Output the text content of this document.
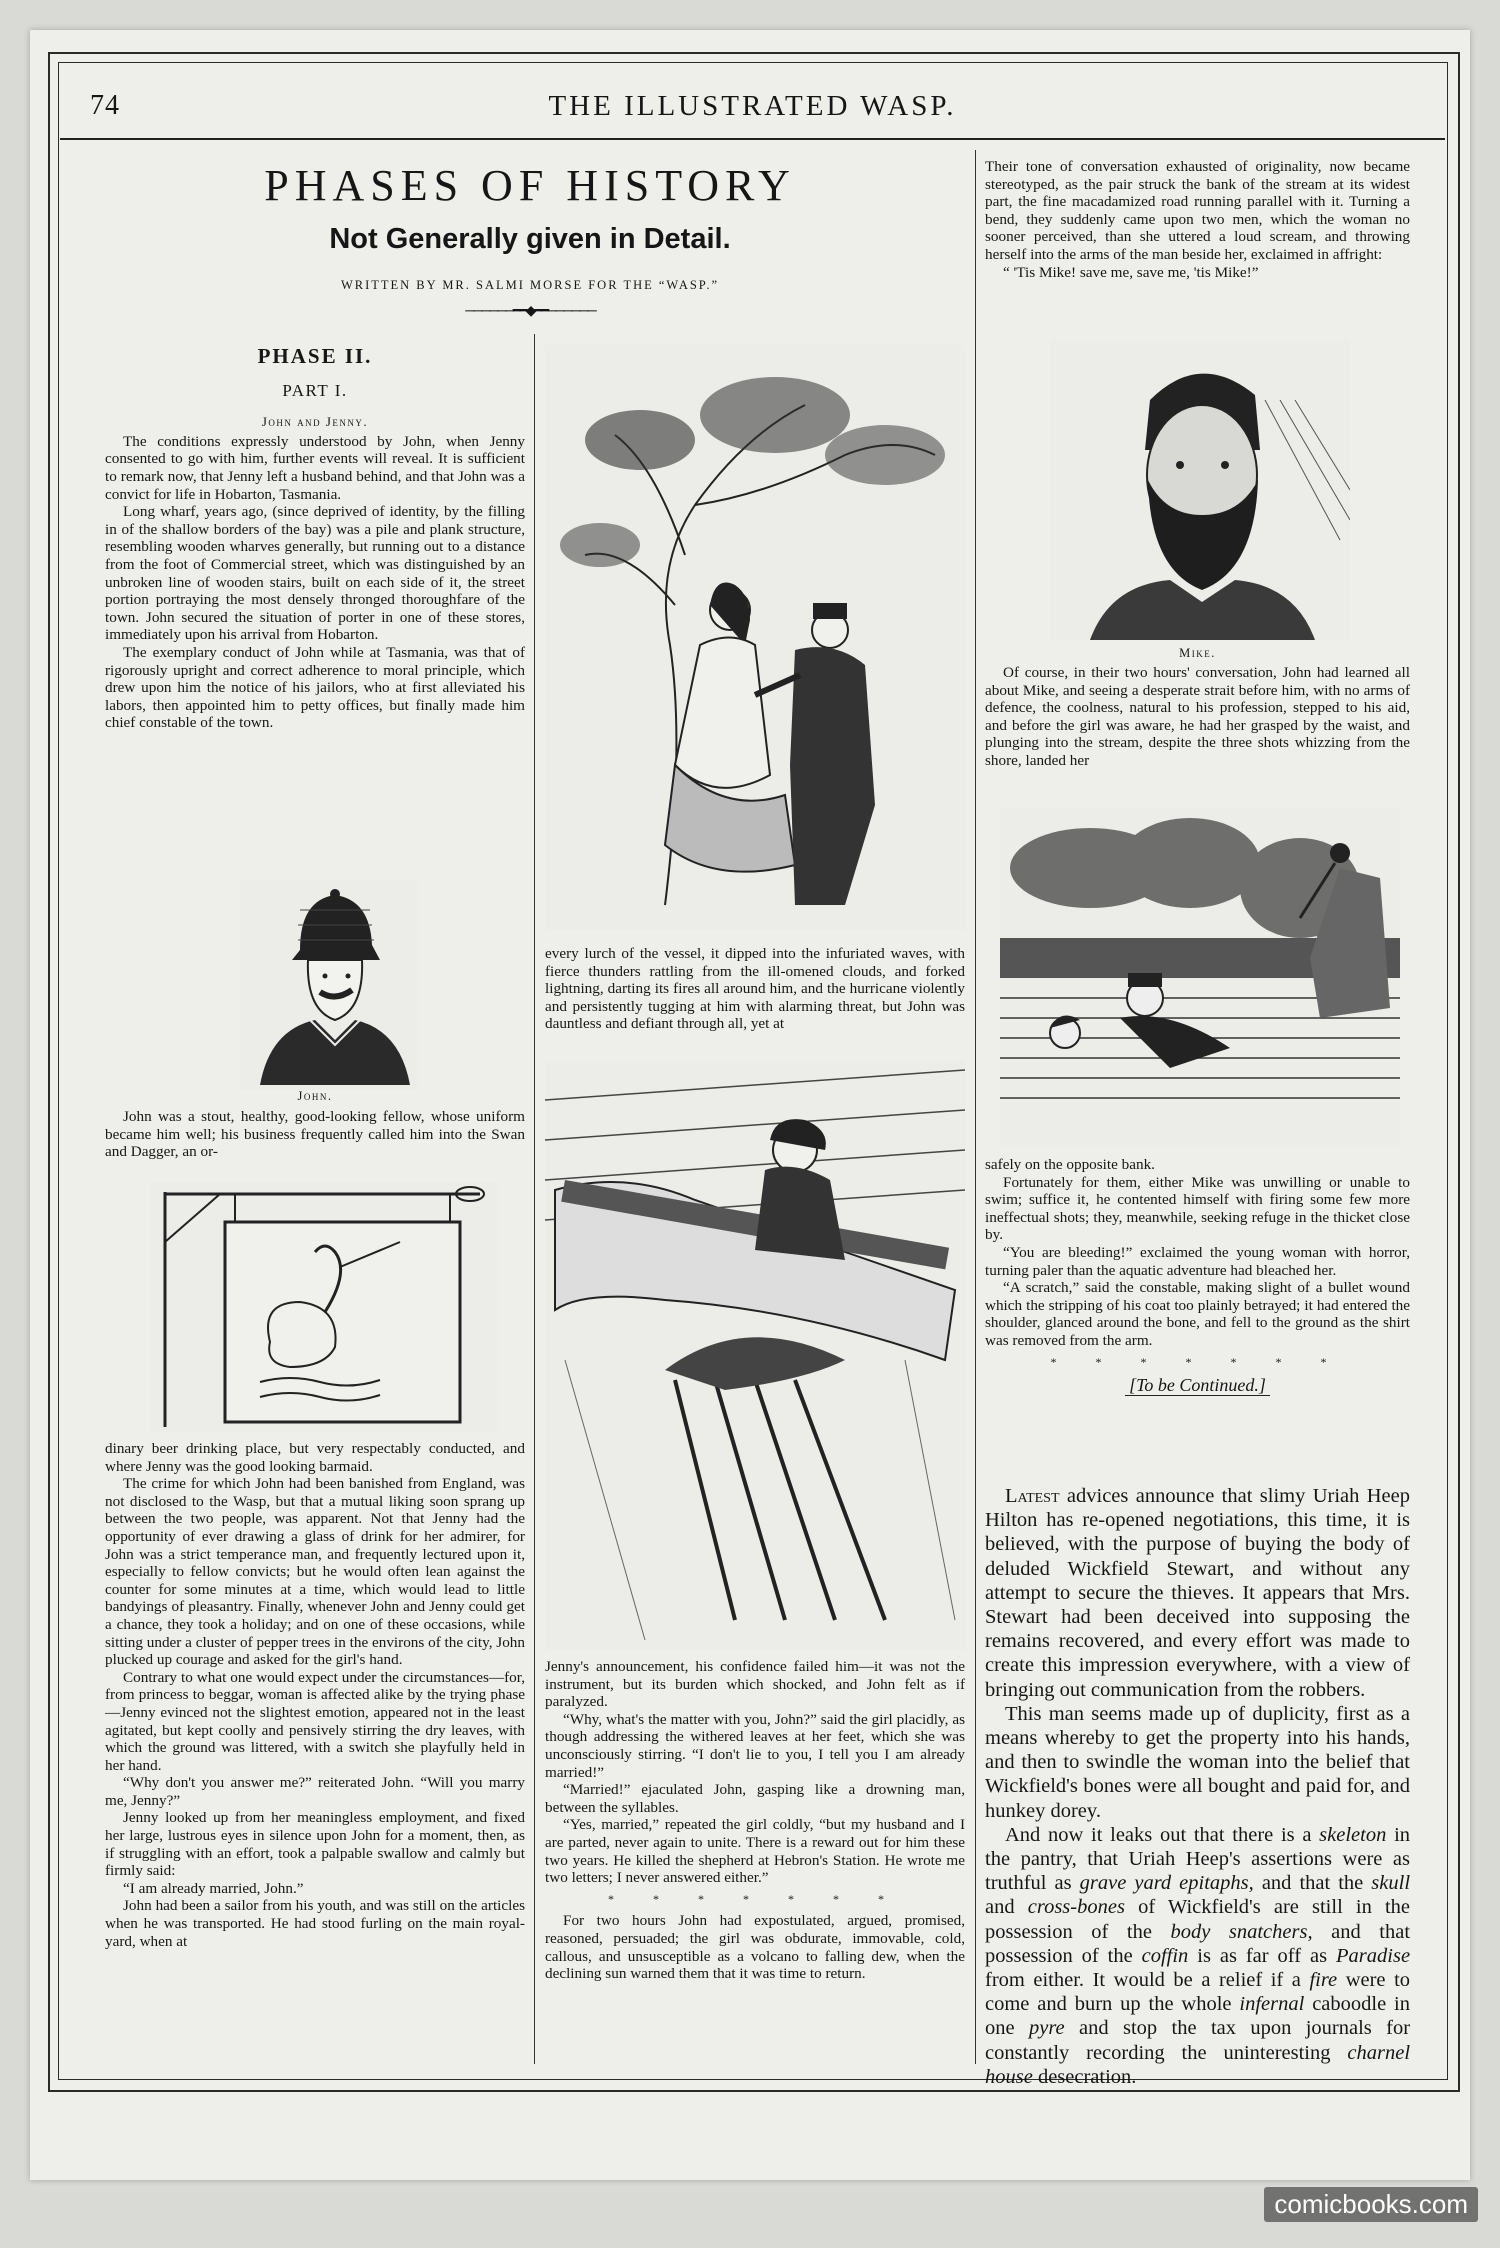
74	THE ILLUSTRATED WASP.
PHASES OF HISTORY
Not Generally given in Detail.
WRITTEN BY MR. SALMI MORSE FOR THE “WASP.”
──────━━◆━━──────
PHASE II.
PART I.
John and Jenny.

The conditions expressly understood by John, when Jenny consented to go with him, further events will reveal. It is sufficient to remark now, that Jenny left a husband behind, and that John was a convict for life in Hobarton, Tasmania.

Long wharf, years ago, (since deprived of identity, by the filling in of the shallow borders of the bay) was a pile and plank structure, resembling wooden wharves generally, but running out to a distance from the foot of Commercial street, which was distinguished by an unbroken line of wooden stairs, built on each side of it, the street portion portraying the most densely thronged thoroughfare of the town. John secured the situation of porter in one of these stores, immediately upon his arrival from Hobarton.

The exemplary conduct of John while at Tasmania, was that of rigorously upright and correct adherence to moral principle, which drew upon him the notice of his jailors, who at first alleviated his labors, then appointed him to petty offices, but finally made him chief constable of the town.

John.

John was a stout, healthy, good-looking fellow, whose uniform became him well; his business frequently called him into the Swan and Dagger, an or-

dinary beer drinking place, but very respectably conducted, and where Jenny was the good looking barmaid.

The crime for which John had been banished from England, was not disclosed to the Wasp, but that a mutual liking soon sprang up between the two people, was apparent. Not that Jenny had the opportunity of ever drawing a glass of drink for her admirer, for John was a strict temperance man, and frequently lectured upon it, especially to fellow convicts; but he would often lean against the counter for some minutes at a time, which would lead to little bandyings of pleasantry. Finally, whenever John and Jenny could get a chance, they took a holiday; and on one of these occasions, while sitting under a cluster of pepper trees in the environs of the city, John plucked up courage and asked for the girl's hand.

Contrary to what one would expect under the circumstances—for, from princess to beggar, woman is affected alike by the trying phase—Jenny evinced not the slightest emotion, appeared not in the least agitated, but kept coolly and pensively stirring the dry leaves, with which the ground was littered, with a switch she playfully held in her hand.

“Why don't you answer me?” reiterated John. “Will you marry me, Jenny?”

Jenny looked up from her meaningless employment, and fixed her large, lustrous eyes in silence upon John for a moment, then, as if struggling with an effort, took a palpable swallow and calmly but firmly said:

“I am already married, John.”

John had been a sailor from his youth, and was still on the articles when he was transported. He had stood furling on the main royal-yard, when at

every lurch of the vessel, it dipped into the infuriated waves, with fierce thunders rattling from the ill-omened clouds, and forked lightning, darting its fires all around him, and the hurricane violently and persistently tugging at him with alarming threat, but John was dauntless and defiant through all, yet at

Jenny's announcement, his confidence failed him—it was not the instrument, but its burden which shocked, and John felt as if paralyzed.

“Why, what's the matter with you, John?” said the girl placidly, as though addressing the withered leaves at her feet, which she was unconsciously stirring. “I don't lie to you, I tell you I am already married!”

“Married!” ejaculated John, gasping like a drowning man, between the syllables.

“Yes, married,” repeated the girl coldly, “but my husband and I are parted, never again to unite. There is a reward out for him these two years. He killed the shepherd at Hebron's Station. He wrote me two letters; I never answered either.”

* * * * * * *

For two hours John had expostulated, argued, promised, reasoned, persuaded; the girl was obdurate, immovable, cold, callous, and unsusceptible as a volcano to falling dew, when the declining sun warned them that it was time to return.

Their tone of conversation exhausted of originality, now became stereotyped, as the pair struck the bank of the stream at its widest part, the fine macadamized road running parallel with it. Turning a bend, they suddenly came upon two men, which the woman no sooner perceived, than she uttered a loud scream, and throwing herself into the arms of the man beside her, exclaimed in affright:

“ 'Tis Mike! save me, save me, 'tis Mike!”

Mike.

Of course, in their two hours' conversation, John had learned all about Mike, and seeing a desperate strait before him, with no arms of defence, the coolness, natural to his profession, stepped to his aid, and before the girl was aware, he had her grasped by the waist, and plunging into the stream, despite the three shots whizzing from the shore, landed her

safely on the opposite bank.

Fortunately for them, either Mike was unwilling or unable to swim; suffice it, he contented himself with firing some few more ineffectual shots; they, meanwhile, seeking refuge in the thicket close by.

“You are bleeding!” exclaimed the young woman with horror, turning paler than the aquatic adventure had bleached her.

“A scratch,” said the constable, making slight of a bullet wound which the stripping of his coat too plainly betrayed; it had entered the shoulder, glanced around the bone, and fell to the ground as the shirt was removed from the arm.

* * * * * * *
[To be Continued.]

Latest advices announce that slimy Uriah Heep Hilton has re-opened negotiations, this time, it is believed, with the purpose of buying the body of deluded Wickfield Stewart, and without any attempt to secure the thieves. It appears that Mrs. Stewart had been deceived into supposing the remains recovered, and every effort was made to create this impression everywhere, with a view of bringing out communication from the robbers.

This man seems made up of duplicity, first as a means whereby to get the property into his hands, and then to swindle the woman into the belief that Wickfield's bones were all bought and paid for, and hunkey dorey.

And now it leaks out that there is a skeleton in the pantry, that Uriah Heep's assertions were as truthful as grave yard epitaphs, and that the skull and cross-bones of Wickfield's are still in the possession of the body snatchers, and that possession of the coffin is as far off as Paradise from either. It would be a relief if a fire were to come and burn up the whole infernal caboodle in one pyre and stop the tax upon journals for constantly recording the uninteresting charnel house desecration.

comicbooks.com
